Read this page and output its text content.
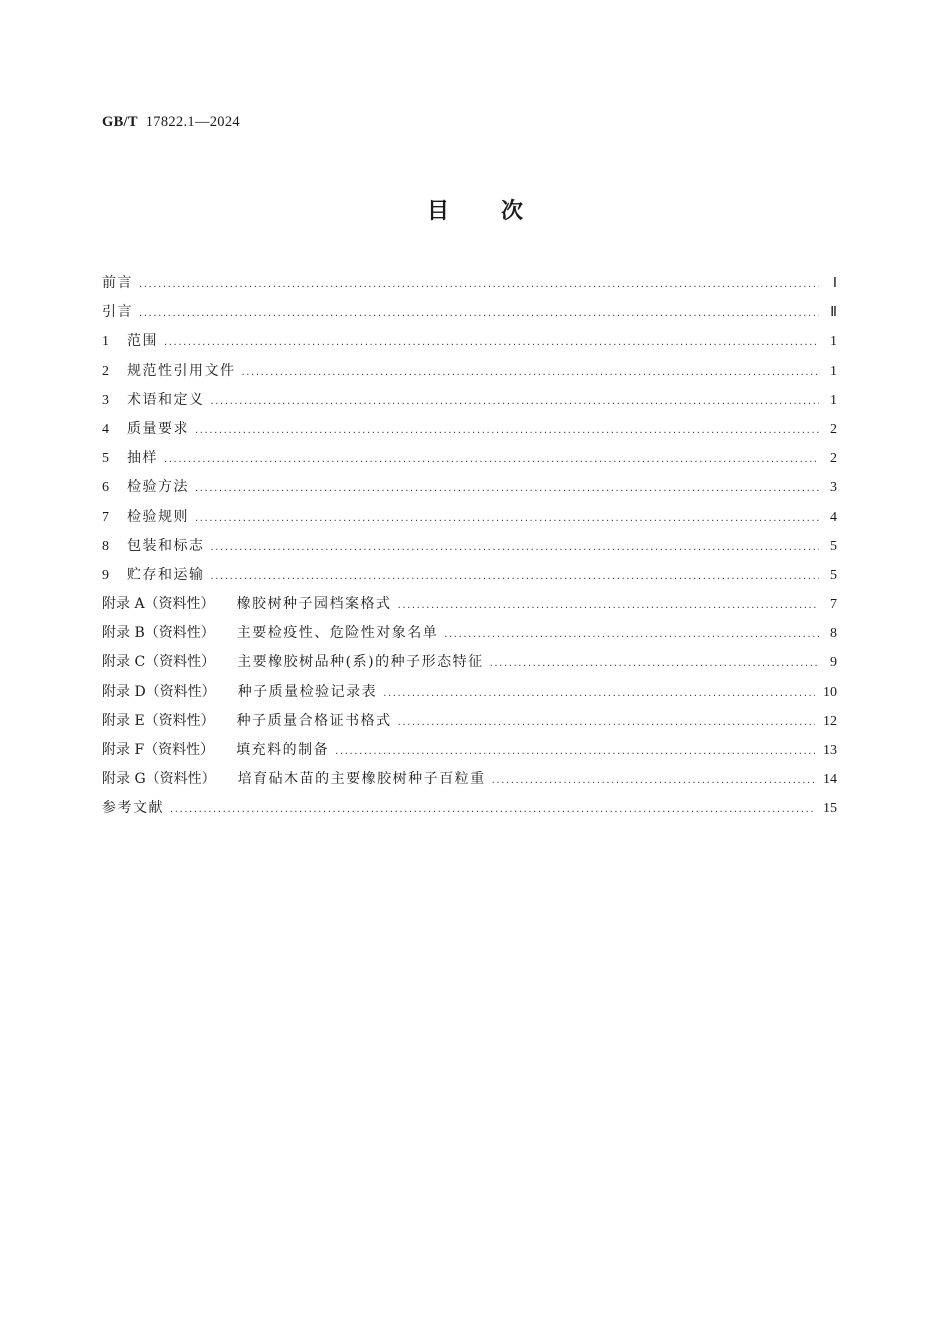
GB/T 17822.1—2024
目次
前言 .....	Ⅰ
引言 .....	Ⅱ
1	范围 .....	1
2	规范性引用文件 .....	1
3	术语和定义 .....	1
4	质量要求 .....	2
5	抽样 .....	2
6	检验方法 .....	3
7	检验规则 .....	4
8	包装和标志 .....	5
9	贮存和运输 .....	5
附录 A（资料性） 橡胶树种子园档案格式 .....	7
附录 B（资料性） 主要检疫性、危险性对象名单 .....	8
附录 C（资料性） 主要橡胶树品种(系)的种子形态特征 .....	9
附录 D（资料性） 种子质量检验记录表 .....	10
附录 E（资料性） 种子质量合格证书格式 .....	12
附录 F（资料性） 填充料的制备 .....	13
附录 G（资料性） 培育砧木苗的主要橡胶树种子百粒重 .....	14
参考文献 .....	15
